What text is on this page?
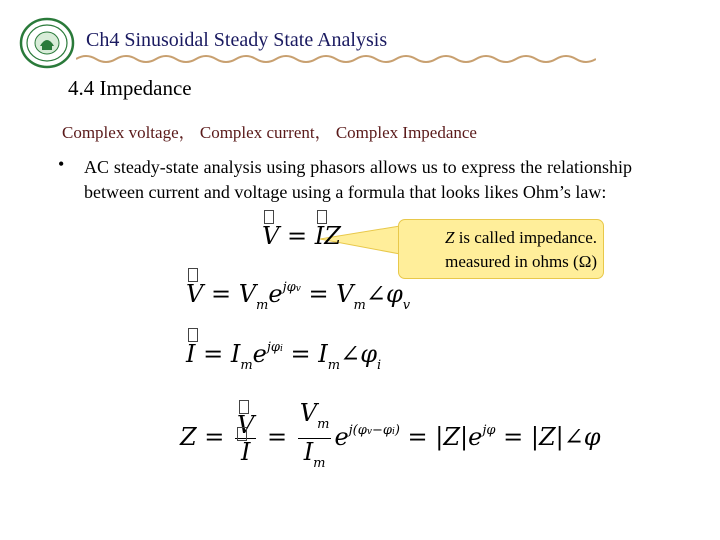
Ch4 Sinusoidal Steady State Analysis
4.4 Impedance
Complex voltage， Complex current， Complex Impedance
• AC steady-state analysis using phasors allows us to express the relationship between current and voltage using a formula that looks likes Ohm’s law:
Z is called impedance.
measured in ohms (Ω)
V = IZ
$V = V_me^{j\varphi v}$ = $V_m\angle\varphi_v$
$I = I_me^{j\varphi i}$ = $I_m\angle\varphi_i$
$Z = \frac{V}{I} = \frac{V_m}{I_m} e^{j(\varphi v-\varphi i)} = |Z|e^{j\varphi}$ = |Z|∠φ
